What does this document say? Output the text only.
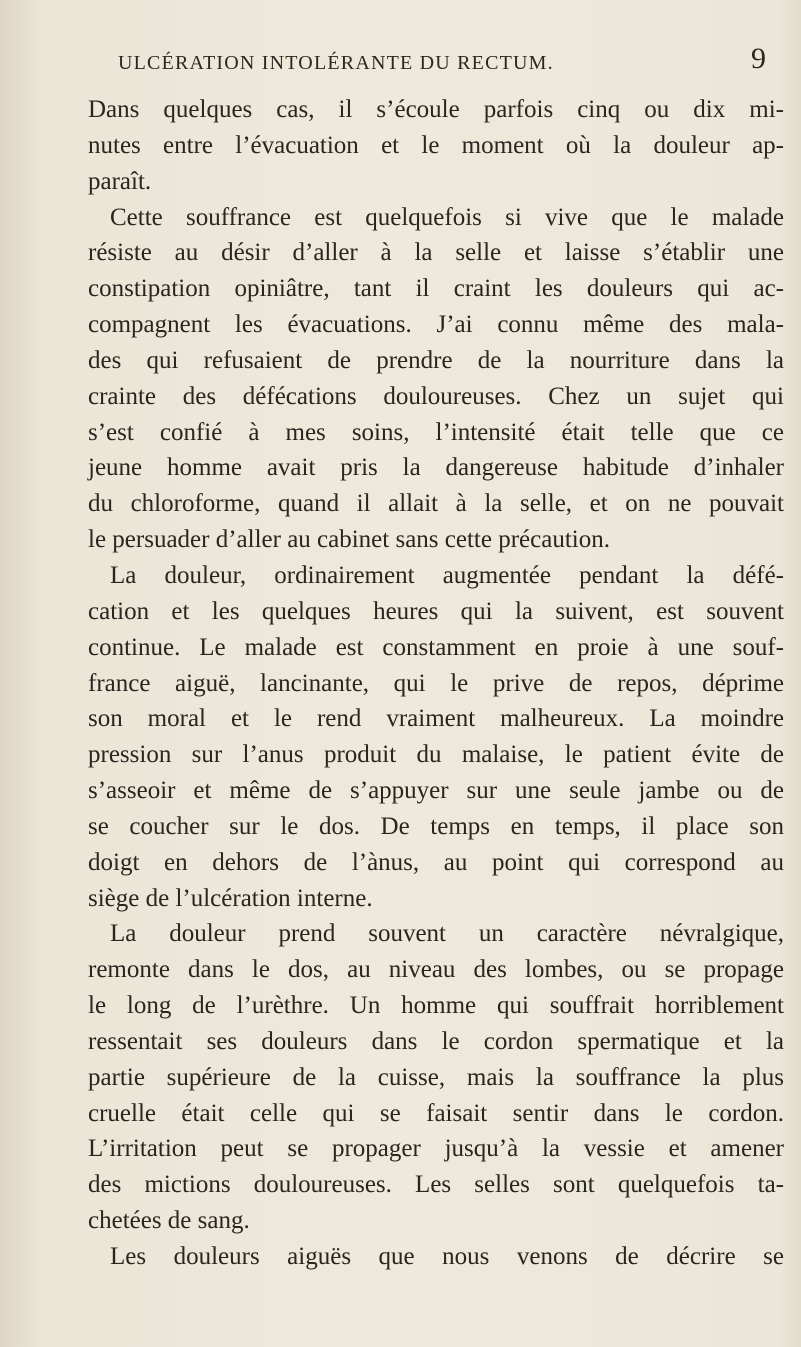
ULCÉRATION INTOLÉRANTE DU RECTUM.	9
Dans quelques cas, il s’écoule parfois cinq ou dix mi-
nutes entre l’évacuation et le moment où la douleur ap-
paraît.
Cette souffrance est quelquefois si vive que le malade
résiste au désir d’aller à la selle et laisse s’établir une
constipation opiniâtre, tant il craint les douleurs qui ac-
compagnent les évacuations. J’ai connu même des mala-
des qui refusaient de prendre de la nourriture dans la
crainte des défécations douloureuses. Chez un sujet qui
s’est confié à mes soins, l’intensité était telle que ce
jeune homme avait pris la dangereuse habitude d’inhaler
du chloroforme, quand il allait à la selle, et on ne pouvait
le persuader d’aller au cabinet sans cette précaution.
La douleur, ordinairement augmentée pendant la défé-
cation et les quelques heures qui la suivent, est souvent
continue. Le malade est constamment en proie à une souf-
france aiguë, lancinante, qui le prive de repos, déprime
son moral et le rend vraiment malheureux. La moindre
pression sur l’anus produit du malaise, le patient évite de
s’asseoir et même de s’appuyer sur une seule jambe ou de
se coucher sur le dos. De temps en temps, il place son
doigt en dehors de l’ànus, au point qui correspond au
siège de l’ulcération interne.
La douleur prend souvent un caractère névralgique,
remonte dans le dos, au niveau des lombes, ou se propage
le long de l’urèthre. Un homme qui souffrait horriblement
ressentait ses douleurs dans le cordon spermatique et la
partie supérieure de la cuisse, mais la souffrance la plus
cruelle était celle qui se faisait sentir dans le cordon.
L’irritation peut se propager jusqu’à la vessie et amener
des mictions douloureuses. Les selles sont quelquefois ta-
chetées de sang.
Les douleurs aiguës que nous venons de décrire se
